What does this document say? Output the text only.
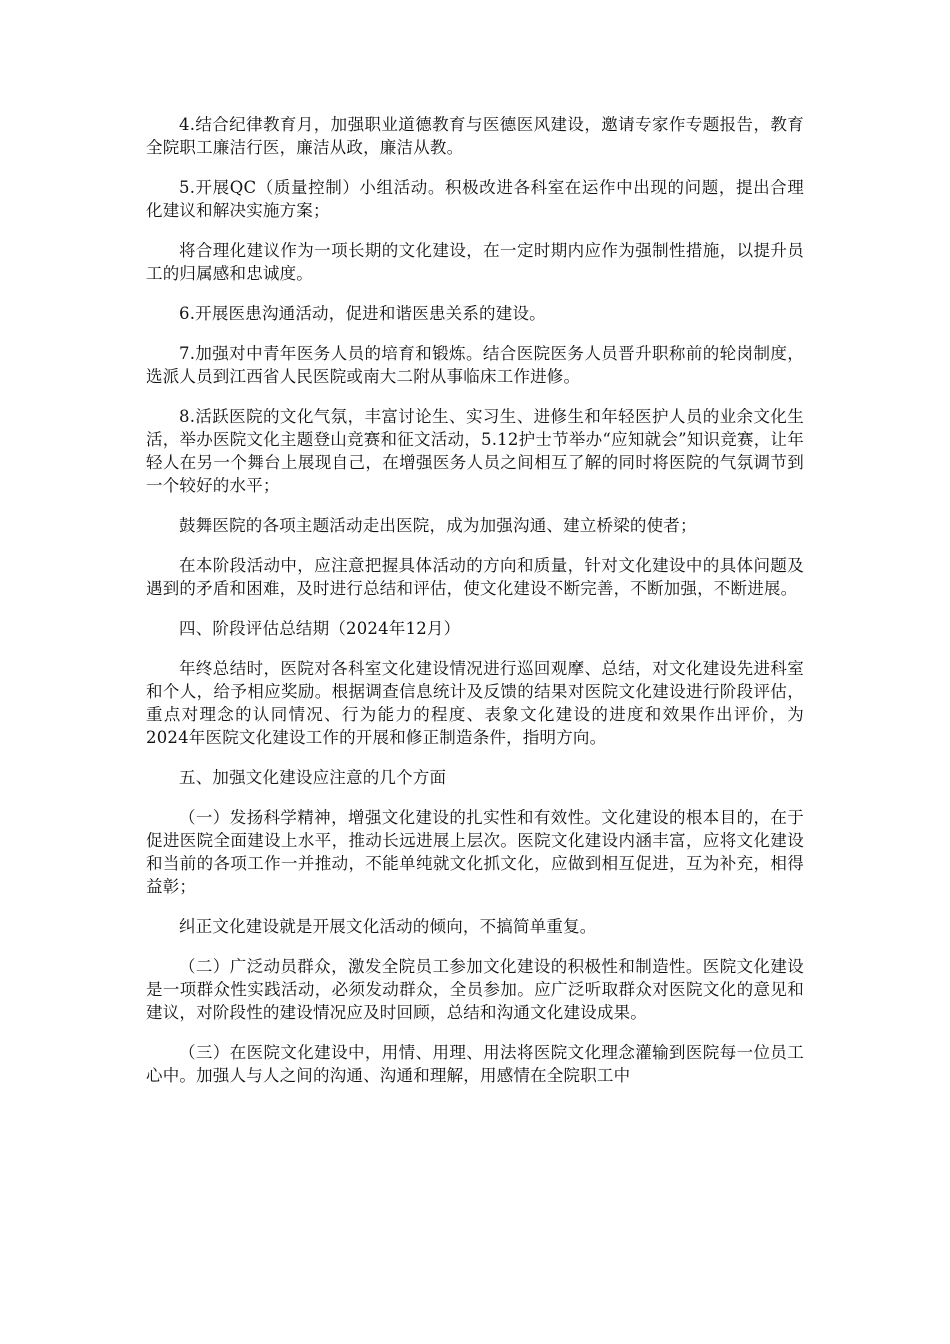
4.结合纪律教育月，加强职业道德教育与医德医风建设，邀请专家作专题报告，教育全院职工廉洁行医，廉洁从政，廉洁从教。

5.开展QC（质量控制）小组活动。积极改进各科室在运作中出现的问题，提出合理化建议和解决实施方案；

将合理化建议作为一项长期的文化建设，在一定时期内应作为强制性措施，以提升员工的归属感和忠诚度。

6.开展医患沟通活动，促进和谐医患关系的建设。

7.加强对中青年医务人员的培育和锻炼。结合医院医务人员晋升职称前的轮岗制度，选派人员到江西省人民医院或南大二附从事临床工作进修。

8.活跃医院的文化气氛，丰富讨论生、实习生、进修生和年轻医护人员的业余文化生活，举办医院文化主题登山竞赛和征文活动，5.12护士节举办“应知就会”知识竞赛，让年轻人在另一个舞台上展现自己，在增强医务人员之间相互了解的同时将医院的气氛调节到一个较好的水平；

鼓舞医院的各项主题活动走出医院，成为加强沟通、建立桥梁的使者；

在本阶段活动中，应注意把握具体活动的方向和质量，针对文化建设中的具体问题及遇到的矛盾和困难，及时进行总结和评估，使文化建设不断完善，不断加强，不断进展。

四、阶段评估总结期（2024年12月）

年终总结时，医院对各科室文化建设情况进行巡回观摩、总结，对文化建设先进科室和个人，给予相应奖励。根据调查信息统计及反馈的结果对医院文化建设进行阶段评估，重点对理念的认同情况、行为能力的程度、表象文化建设的进度和效果作出评价，为2024年医院文化建设工作的开展和修正制造条件，指明方向。

五、加强文化建设应注意的几个方面

（一）发扬科学精神，增强文化建设的扎实性和有效性。文化建设的根本目的，在于促进医院全面建设上水平，推动长远进展上层次。医院文化建设内涵丰富，应将文化建设和当前的各项工作一并推动，不能单纯就文化抓文化，应做到相互促进，互为补充，相得益彰；

纠正文化建设就是开展文化活动的倾向，不搞简单重复。

（二）广泛动员群众，激发全院员工参加文化建设的积极性和制造性。医院文化建设是一项群众性实践活动，必须发动群众，全员参加。应广泛听取群众对医院文化的意见和建议，对阶段性的建设情况应及时回顾，总结和沟通文化建设成果。

（三）在医院文化建设中，用情、用理、用法将医院文化理念灌输到医院每一位员工心中。加强人与人之间的沟通、沟通和理解，用感情在全院职工中
